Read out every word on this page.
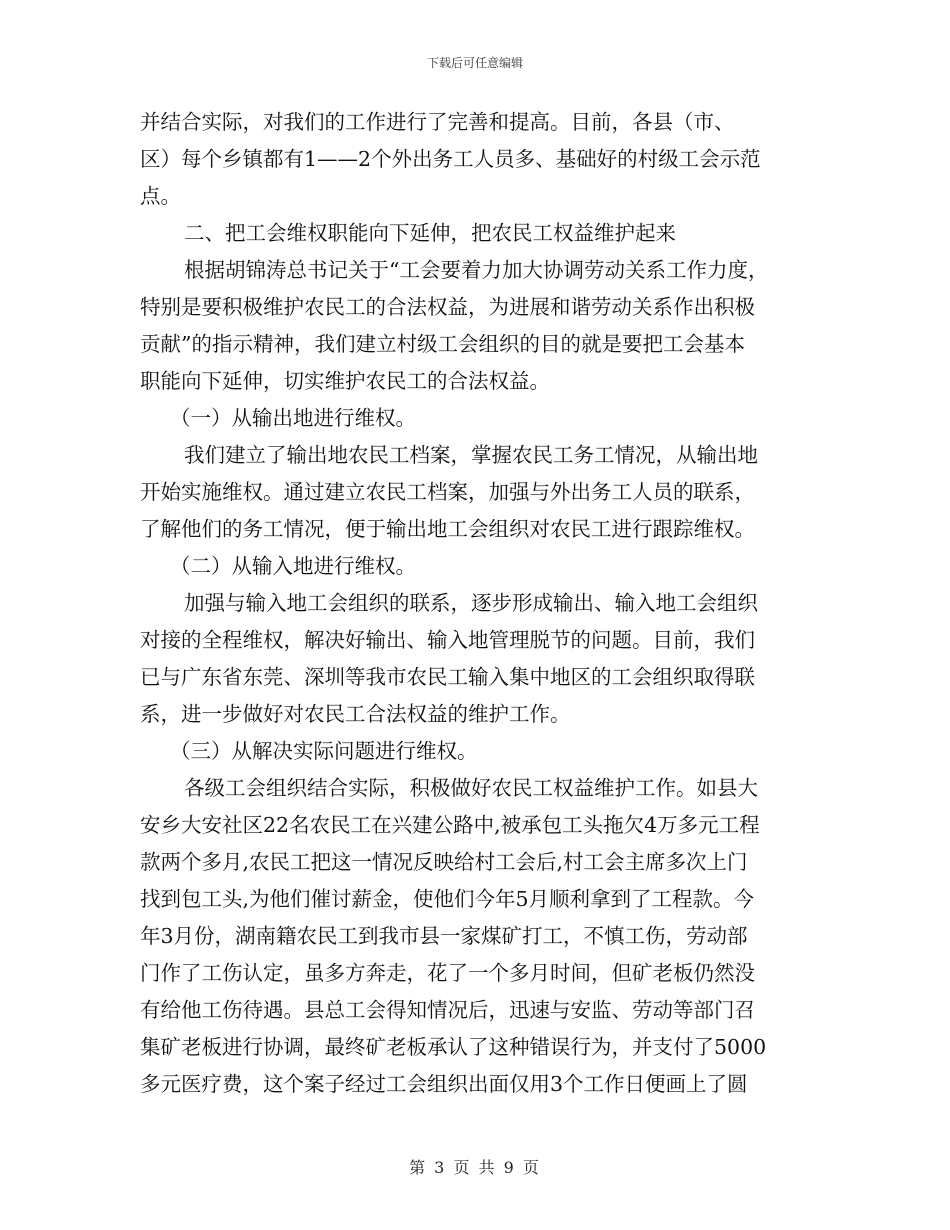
下载后可任意编辑
并结合实际，对我们的工作进行了完善和提高。目前，各县（市、
区）每个乡镇都有1——2个外出务工人员多、基础好的村级工会示范
点。
二、把工会维权职能向下延伸，把农民工权益维护起来
根据胡锦涛总书记关于“工会要着力加大协调劳动关系工作力度，
特别是要积极维护农民工的合法权益，为进展和谐劳动关系作出积极
贡献”的指示精神，我们建立村级工会组织的目的就是要把工会基本
职能向下延伸，切实维护农民工的合法权益。
（一）从输出地进行维权。
我们建立了输出地农民工档案，掌握农民工务工情况，从输出地
开始实施维权。通过建立农民工档案，加强与外出务工人员的联系，
了解他们的务工情况，便于输出地工会组织对农民工进行跟踪维权。
（二）从输入地进行维权。
加强与输入地工会组织的联系，逐步形成输出、输入地工会组织
对接的全程维权，解决好输出、输入地管理脱节的问题。目前，我们
已与广东省东莞、深圳等我市农民工输入集中地区的工会组织取得联
系，进一步做好对农民工合法权益的维护工作。
（三）从解决实际问题进行维权。
各级工会组织结合实际，积极做好农民工权益维护工作。如县大
安乡大安社区22名农民工在兴建公路中,被承包工头拖欠4万多元工程
款两个多月,农民工把这一情况反映给村工会后,村工会主席多次上门
找到包工头,为他们催讨薪金，使他们今年5月顺利拿到了工程款。今
年3月份，湖南籍农民工到我市县一家煤矿打工，不慎工伤，劳动部
门作了工伤认定，虽多方奔走，花了一个多月时间，但矿老板仍然没
有给他工伤待遇。县总工会得知情况后，迅速与安监、劳动等部门召
集矿老板进行协调，最终矿老板承认了这种错误行为，并支付了5000
多元医疗费，这个案子经过工会组织出面仅用3个工作日便画上了圆
第 3 页 共 9 页
